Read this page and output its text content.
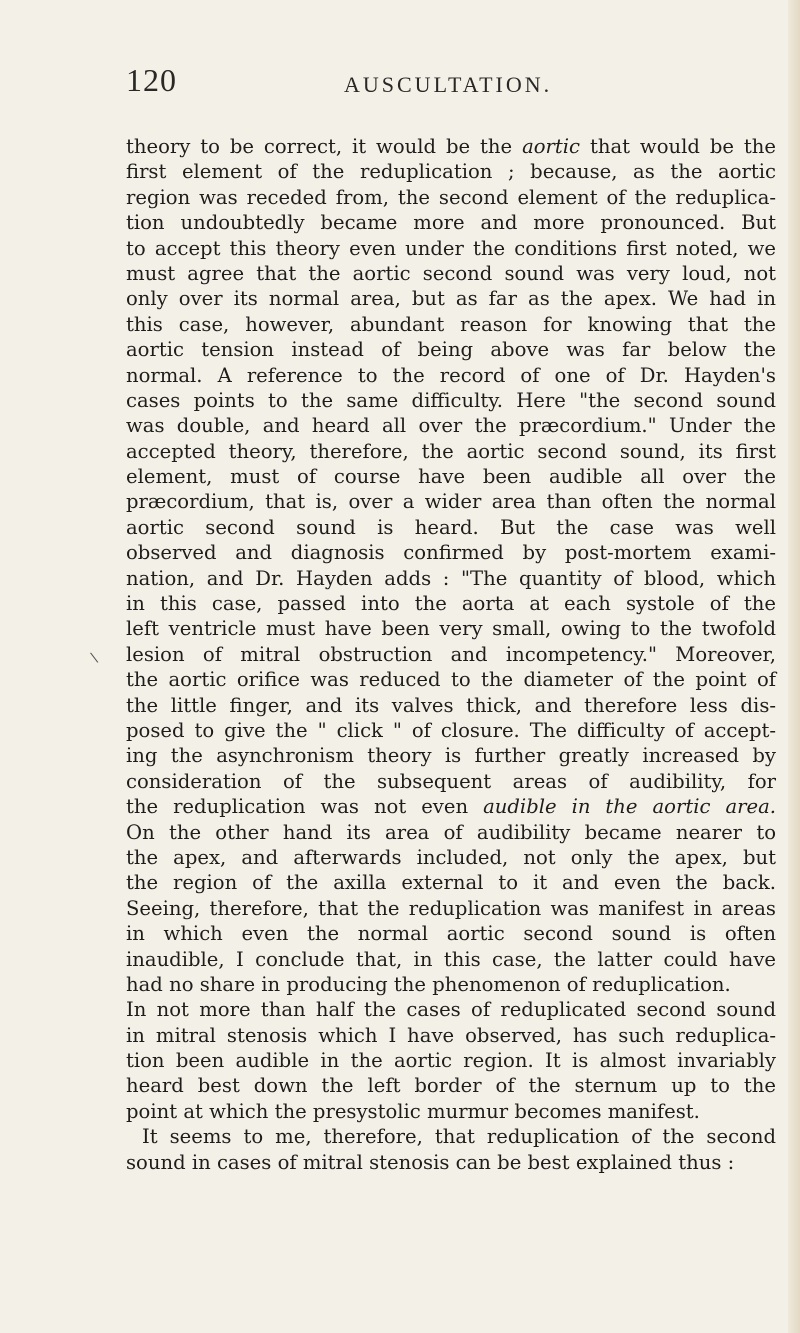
120	AUSCULTATION.
\
theory to be correct, it would be the aortic that would be the
first element of the reduplication ; because, as the aortic
region was receded from, the second element of the reduplica-
tion undoubtedly became more and more pronounced. But
to accept this theory even under the conditions first noted, we
must agree that the aortic second sound was very loud, not
only over its normal area, but as far as the apex. We had in
this case, however, abundant reason for knowing that the
aortic tension instead of being above was far below the
normal. A reference to the record of one of Dr. Hayden's
cases points to the same difficulty. Here "the second sound
was double, and heard all over the præcordium." Under the
accepted theory, therefore, the aortic second sound, its first
element, must of course have been audible all over the
præcordium, that is, over a wider area than often the normal
aortic second sound is heard. But the case was well
observed and diagnosis confirmed by post-mortem exami-
nation, and Dr. Hayden adds : "The quantity of blood, which
in this case, passed into the aorta at each systole of the
left ventricle must have been very small, owing to the twofold
lesion of mitral obstruction and incompetency." Moreover,
the aortic orifice was reduced to the diameter of the point of
the little finger, and its valves thick, and therefore less dis-
posed to give the " click " of closure. The difficulty of accept-
ing the asynchronism theory is further greatly increased by
consideration of the subsequent areas of audibility, for
the reduplication was not even audible in the aortic area.
On the other hand its area of audibility became nearer to
the apex, and afterwards included, not only the apex, but
the region of the axilla external to it and even the back.
Seeing, therefore, that the reduplication was manifest in areas
in which even the normal aortic second sound is often
inaudible, I conclude that, in this case, the latter could have
had no share in producing the phenomenon of reduplication.
In not more than half the cases of reduplicated second sound
in mitral stenosis which I have observed, has such reduplica-
tion been audible in the aortic region. It is almost invariably
heard best down the left border of the sternum up to the
point at which the presystolic murmur becomes manifest.
It seems to me, therefore, that reduplication of the second
sound in cases of mitral stenosis can be best explained thus :
